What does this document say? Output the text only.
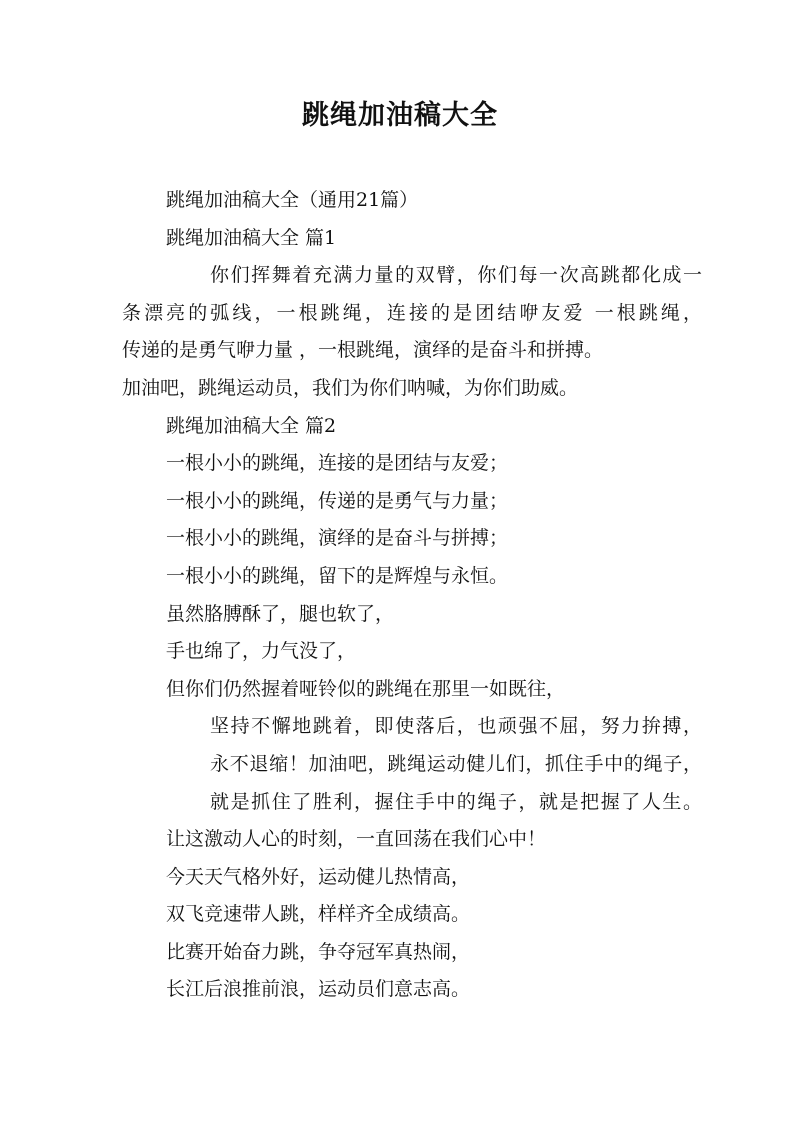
跳绳加油稿大全
跳绳加油稿大全（通用21篇）
跳绳加油稿大全 篇1
你们挥舞着充满力量的双臂，你们每一次高跳都化成一
条漂亮的弧线，一根跳绳，连接的是团结咿友爱 一根跳绳，
传递的是勇气咿力量 ，一根跳绳，演绎的是奋斗和拼搏。
加油吧，跳绳运动员，我们为你们呐喊，为你们助威。
跳绳加油稿大全 篇2
一根小小的跳绳，连接的是团结与友爱；
一根小小的跳绳，传递的是勇气与力量；
一根小小的跳绳，演绎的是奋斗与拼搏；
一根小小的跳绳，留下的是辉煌与永恒。
虽然胳膊酥了，腿也软了，
手也绵了，力气没了，
但你们仍然握着哑铃似的跳绳在那里一如既往，
坚持不懈地跳着，即使落后，也顽强不屈，努力拚搏，
永不退缩！加油吧，跳绳运动健儿们，抓住手中的绳子，
就是抓住了胜利，握住手中的绳子，就是把握了人生。
让这激动人心的时刻，一直回荡在我们心中！
今天天气格外好，运动健儿热情高，
双飞竞速带人跳，样样齐全成绩高。
比赛开始奋力跳，争夺冠军真热闹，
长江后浪推前浪，运动员们意志高。
